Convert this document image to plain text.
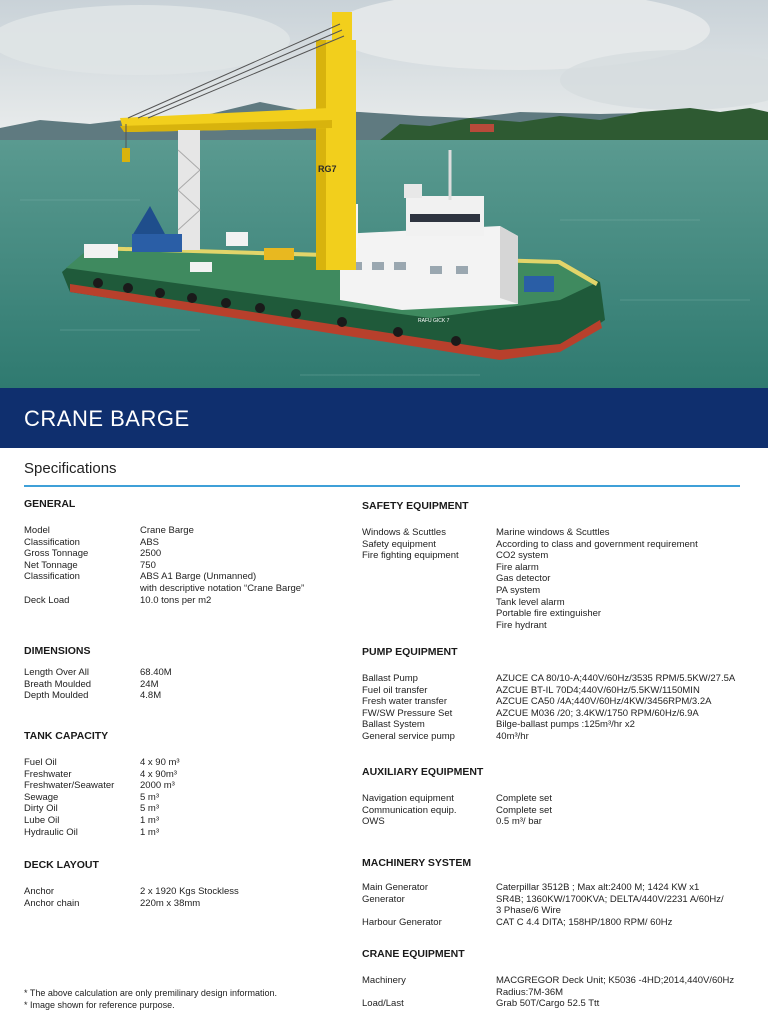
RG7
RAFU GICK 7
CRANE BARGE
Specifications
GENERAL
Model	Crane Barge
Classification	ABS
Gross Tonnage	2500
Net Tonnage	750
Classification	ABS A1 Barge (Unmanned)
with descriptive notation “Crane Barge”
Deck Load	10.0 tons per m2
DIMENSIONS
Length Over All	68.40M
Breath Moulded	24M
Depth Moulded	4.8M
TANK CAPACITY
Fuel Oil	4 x 90 m³
Freshwater	4 x 90m³
Freshwater/Seawater	2000 m³
Sewage	5 m³
Dirty Oil	5 m³
Lube Oil	1 m³
Hydraulic Oil	1 m³
DECK LAYOUT
Anchor	2 x 1920 Kgs Stockless
Anchor chain	220m x 38mm
SAFETY EQUIPMENT
Windows & Scuttles	Marine windows & Scuttles
Safety equipment	According to class and government requirement
Fire fighting equipment	CO2 system
Fire alarm
Gas detector
PA system
Tank level alarm
Portable fire extinguisher
Fire hydrant
PUMP EQUIPMENT
Ballast Pump	AZUCE CA 80/10-A;440V/60Hz/3535 RPM/5.5KW/27.5A
Fuel oil transfer	AZCUE BT-IL 70D4;440V/60Hz/5.5KW/1150MIN
Fresh water transfer	AZCUE CA50 /4A;440V/60Hz/4KW/3456RPM/3.2A
FW/SW Pressure Set	AZCUE M036 /20; 3.4KW/1750 RPM/60Hz/6.9A
Ballast System	Bilge-ballast pumps :125m³/hr x2
General service pump	40m³/hr
AUXILIARY EQUIPMENT
Navigation equipment	Complete set
Communication equip.	Complete set
OWS	0.5 m³/ bar
MACHINERY SYSTEM
Main Generator	Caterpillar 3512B ; Max alt:2400 M; 1424 KW x1
Generator	SR4B; 1360KW/1700KVA; DELTA/440V/2231 A/60Hz/
3 Phase/6 Wire
Harbour Generator	CAT C 4.4 DITA; 158HP/1800 RPM/ 60Hz
CRANE EQUIPMENT
Machinery	MACGREGOR Deck Unit; K5036 -4HD;2014,440V/60Hz
Radius:7M-36M
Load/Last	Grab 50T/Cargo 52.5 Ttt
* The above calculation are only premilinary design information.
* Image shown for reference purpose.
